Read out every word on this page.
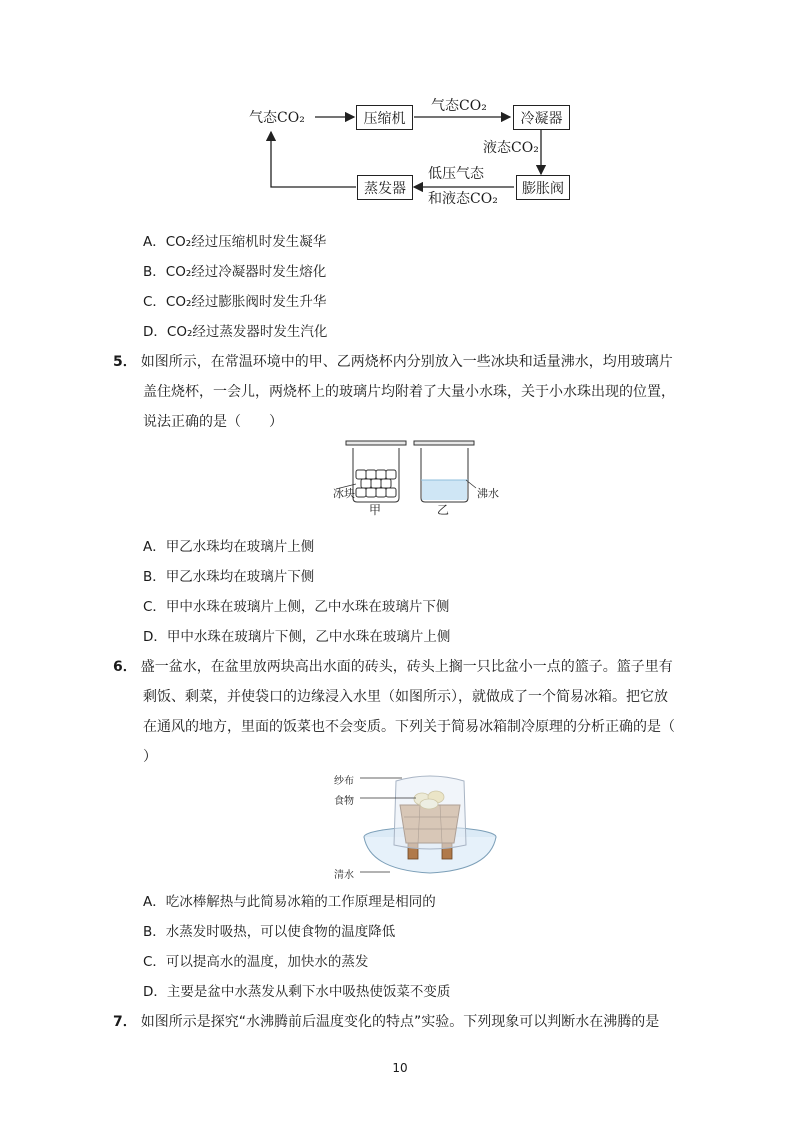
气态CO₂	压缩机
气态CO₂
冷凝器
液态CO₂
膨胀阀
低压气态
和液态CO₂
蒸发器
A．CO₂经过压缩机时发生凝华
B．CO₂经过冷凝器时发生熔化
C．CO₂经过膨胀阀时发生升华
D．CO₂经过蒸发器时发生汽化
5． 如图所示，在常温环境中的甲、乙两烧杯内分别放入一些冰块和适量沸水，均用玻璃片
盖住烧杯，一会儿，两烧杯上的玻璃片均附着了大量小水珠，关于小水珠出现的位置，
说法正确的是（　　）
冰块	沸水
甲	乙
A．甲乙水珠均在玻璃片上侧
B．甲乙水珠均在玻璃片下侧
C．甲中水珠在玻璃片上侧，乙中水珠在玻璃片下侧
D．甲中水珠在玻璃片下侧，乙中水珠在玻璃片上侧
6． 盛一盆水，在盆里放两块高出水面的砖头，砖头上搁一只比盆小一点的篮子。篮子里有
剩饭、剩菜，并使袋口的边缘浸入水里（如图所示），就做成了一个简易冰箱。把它放
在通风的地方，里面的饭菜也不会变质。下列关于简易冰箱制冷原理的分析正确的是（
）
纱布
食物
清水
A．吃冰棒解热与此简易冰箱的工作原理是相同的
B．水蒸发时吸热，可以使食物的温度降低
C．可以提高水的温度，加快水的蒸发
D．主要是盆中水蒸发从剩下水中吸热使饭菜不变质
7． 如图所示是探究“水沸腾前后温度变化的特点”实验。下列现象可以判断水在沸腾的是
10
